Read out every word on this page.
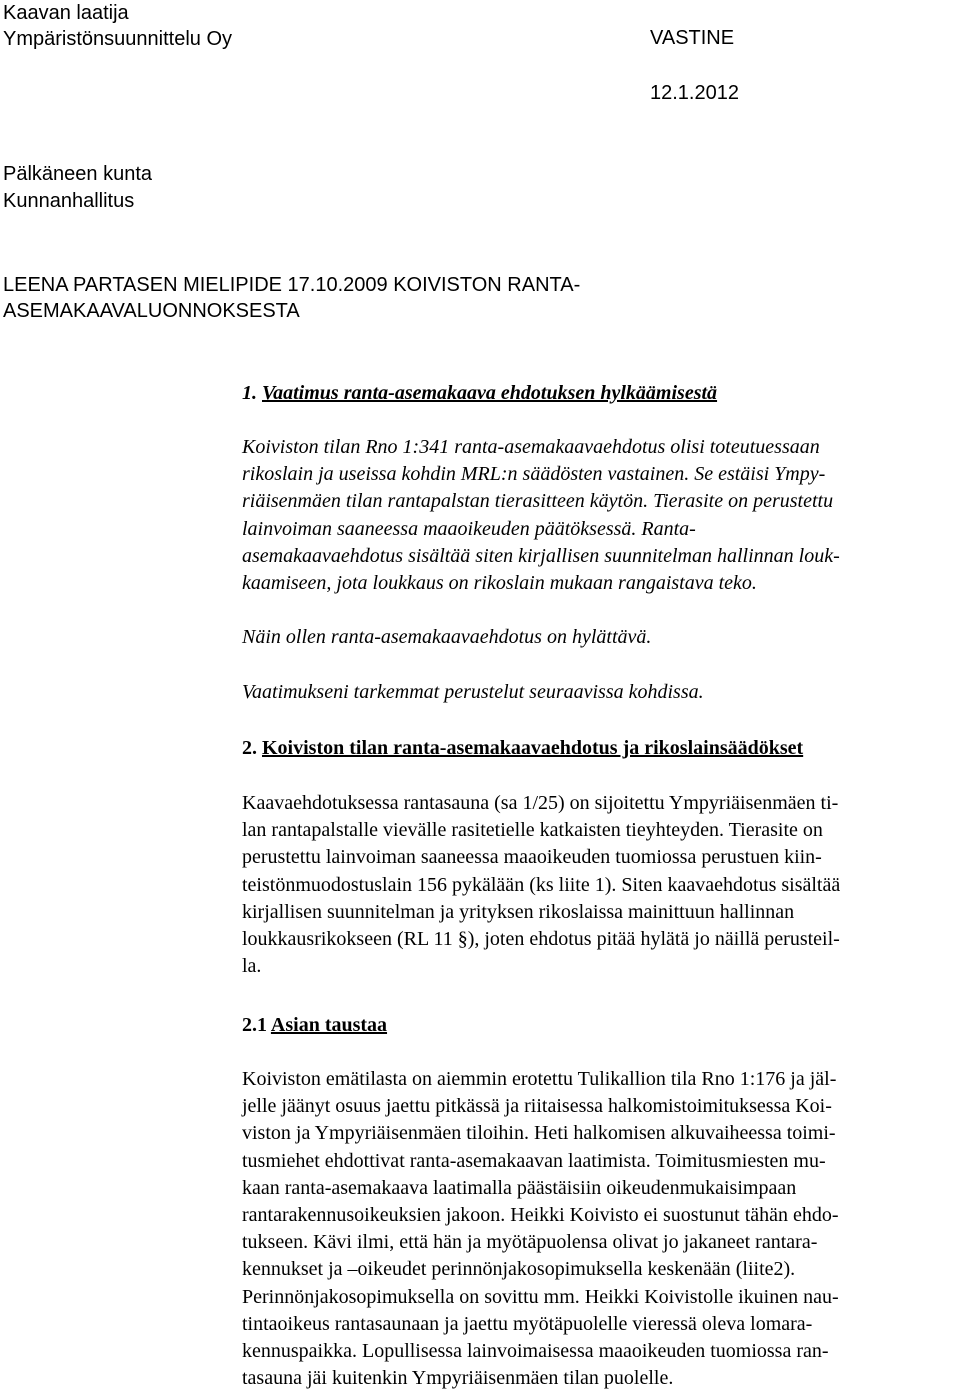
Kaavan laatija
Ympäristönsuunnittelu Oy	VASTINE
12.1.2012
Pälkäneen kunta
Kunnanhallitus
LEENA PARTASEN MIELIPIDE 17.10.2009 KOIVISTON RANTA-
ASEMAKAAVALUONNOKSESTA

1. Vaatimus ranta-asemakaava ehdotuksen hylkäämisestä

Koiviston tilan Rno 1:341 ranta-asemakaavaehdotus olisi toteutuessaan

rikoslain ja useissa kohdin MRL:n säädösten vastainen. Se estäisi Ympy-

riäisenmäen tilan rantapalstan tierasitteen käytön. Tierasite on perustettu

lainvoiman saaneessa maaoikeuden päätöksessä. Ranta-

asemakaavaehdotus sisältää siten kirjallisen suunnitelman hallinnan louk-

kaamiseen, jota loukkaus on rikoslain mukaan rangaistava teko.

Näin ollen ranta-asemakaavaehdotus on hylättävä.

Vaatimukseni tarkemmat perustelut seuraavissa kohdissa.

2. Koiviston tilan ranta-asemakaavaehdotus ja rikoslainsäädökset

Kaavaehdotuksessa rantasauna (sa 1/25) on sijoitettu Ympyriäisenmäen ti-

lan rantapalstalle vievälle rasitetielle katkaisten tieyhteyden. Tierasite on

perustettu lainvoiman saaneessa maaoikeuden tuomiossa perustuen kiin-

teistönmuodostuslain 156 pykälään (ks liite 1). Siten kaavaehdotus sisältää

kirjallisen suunnitelman ja yrityksen rikoslaissa mainittuun hallinnan

loukkausrikokseen (RL 11 §), joten ehdotus pitää hylätä jo näillä perusteil-

la.

2.1 Asian taustaa

Koiviston emätilasta on aiemmin erotettu Tulikallion tila Rno 1:176 ja jäl-

jelle jäänyt osuus jaettu pitkässä ja riitaisessa halkomistoimituksessa Koi-

viston ja Ympyriäisenmäen tiloihin. Heti halkomisen alkuvaiheessa toimi-

tusmiehet ehdottivat ranta-asemakaavan laatimista. Toimitusmiesten mu-

kaan ranta-asemakaava laatimalla päästäisiin oikeudenmukaisimpaan

rantarakennusoikeuksien jakoon. Heikki Koivisto ei suostunut tähän ehdo-

tukseen. Kävi ilmi, että hän ja myötäpuolensa olivat jo jakaneet rantara-

kennukset ja –oikeudet perinnönjakosopimuksella keskenään (liite2).

Perinnönjakosopimuksella on sovittu mm. Heikki Koivistolle ikuinen nau-

tintaoikeus rantasaunaan ja jaettu myötäpuolelle vieressä oleva lomara-

kennuspaikka. Lopullisessa lainvoimaisessa maaoikeuden tuomiossa ran-

tasauna jäi kuitenkin Ympyriäisenmäen tilan puolelle.
